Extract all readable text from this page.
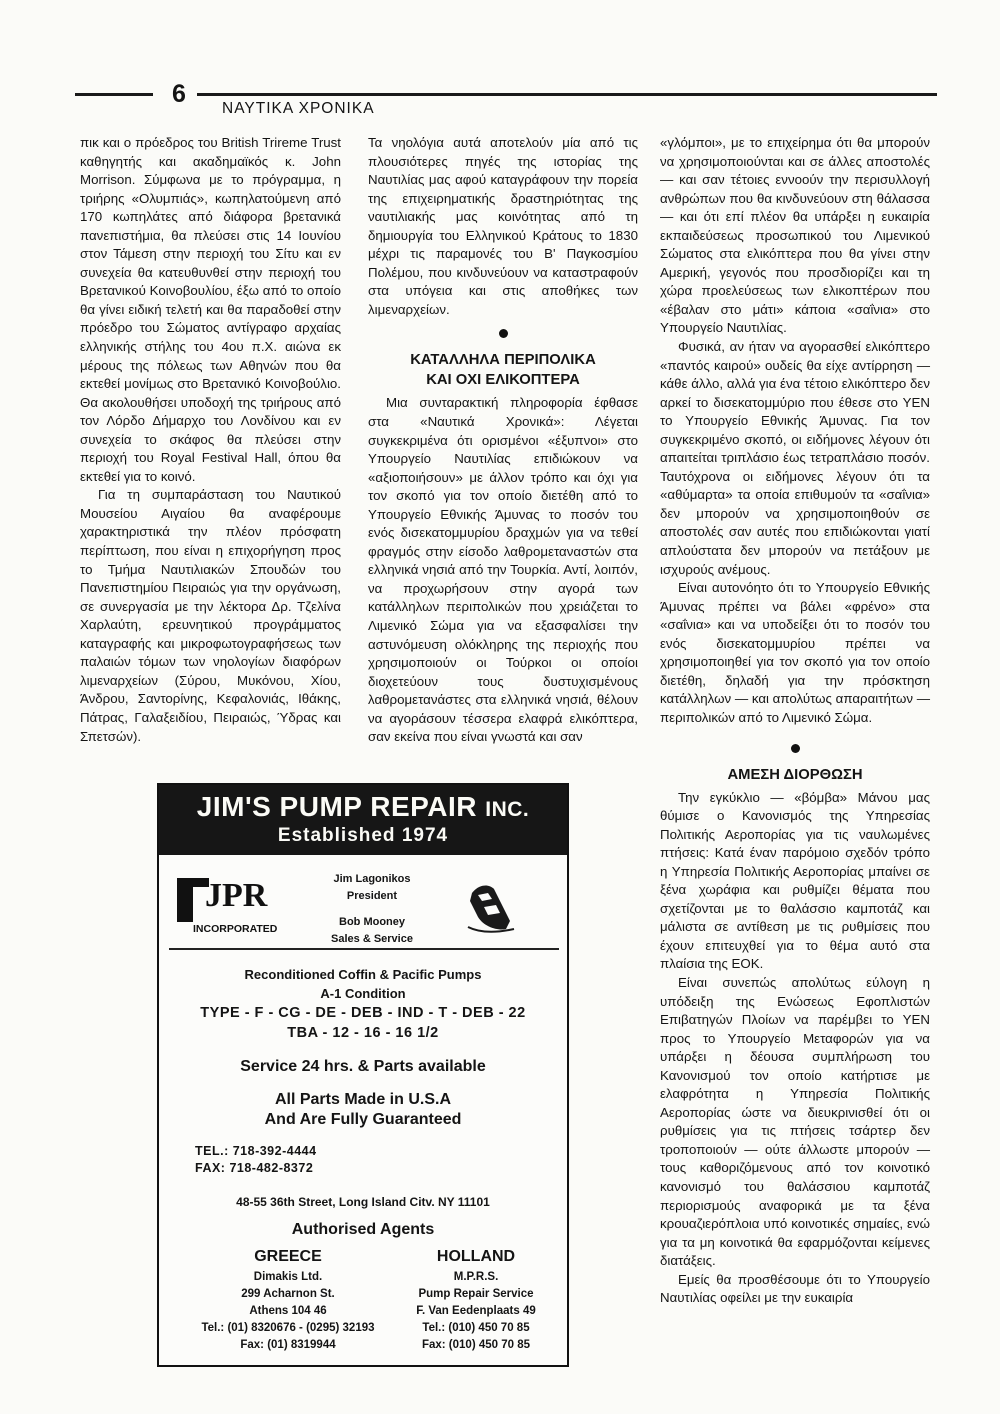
6
ΝΑΥΤΙΚΑ ΧΡΟΝΙΚΑ

πικ και ο πρόεδρος του British Trireme Trust καθηγητής και ακαδημαϊκός κ. John Morrison. Σύμφωνα με το πρόγραμμα, η τριήρης «Ολυμπιάς», κωπηλατούμενη από 170 κωπηλάτες από διάφορα βρετανικά πανεπιστήμια, θα πλεύσει στις 14 Ιουνίου στον Τάμεση στην περιοχή του Σίτυ και εν συνεχεία θα κατευθυνθεί στην περιοχή του Βρετανικού Κοινοβουλίου, έξω από το οποίο θα γίνει ειδική τελετή και θα παραδοθεί στην πρόεδρο του Σώματος αντίγραφο αρχαίας ελληνικής στήλης του 4ου π.Χ. αιώνα εκ μέρους της πόλεως των Αθηνών που θα εκτεθεί μονίμως στο Βρετανικό Κοινοβούλιο. Θα ακολουθήσει υποδοχή της τριήρους από τον Λόρδο Δήμαρχο του Λονδίνου και εν συνεχεία το σκάφος θα πλεύσει στην περιοχή του Royal Festival Hall, όπου θα εκτεθεί για το κοινό.

Για τη συμπαράσταση του Ναυτικού Μουσείου Αιγαίου θα αναφέρουμε χαρακτηριστικά την πλέον πρόσφατη περίπτωση, που είναι η επιχορήγηση προς το Τμήμα Ναυτιλιακών Σπουδών του Πανεπιστημίου Πειραιώς για την οργάνωση, σε συνεργασία με την λέκτορα Δρ. Τζελίνα Χαρλαύτη, ερευνητικού προγράμματος καταγραφής και μικροφωτογραφήσεως των παλαιών τόμων των νηολογίων διαφόρων λιμεναρχείων (Σύρου, Μυκόνου, Χίου, Άνδρου, Σαντορίνης, Κεφαλονιάς, Ιθάκης, Πάτρας, Γαλαξειδίου, Πειραιώς, Ύδρας και Σπετσών).

Τα νηολόγια αυτά αποτελούν μία από τις πλουσιότερες πηγές της ιστορίας της Ναυτιλίας μας αφού καταγράφουν την πορεία της επιχειρηματικής δραστηριότητας της ναυτιλιακής μας κοινότητας από τη δημιουργία του Ελληνικού Κράτους το 1830 μέχρι τις παραμονές του Β' Παγκοσμίου Πολέμου, που κινδυνεύουν να καταστραφούν στα υπόγεια και στις αποθήκες των λιμεναρχείων.

ΚΑΤΑΛΛΗΛΑ ΠΕΡΙΠΟΛΙΚΑ
ΚΑΙ ΟΧΙ ΕΛΙΚΟΠΤΕΡΑ

Μια συνταρακτική πληροφορία έφθασε στα «Ναυτικά Χρονικά»: Λέγεται συγκεκριμένα ότι ορισμένοι «έξυπνοι» στο Υπουργείο Ναυτιλίας επιδιώκουν να «αξιοποιήσουν» με άλλον τρόπο και όχι για τον σκοπό για τον οποίο διετέθη από το Υπουργείο Εθνικής Άμυνας το ποσόν του ενός δισεκατομμυρίου δραχμών για να τεθεί φραγμός στην είσοδο λαθρομεταναστών στα ελληνικά νησιά από την Τουρκία. Αντί, λοιπόν, να προχωρήσουν στην αγορά των κατάλληλων περιπολικών που χρειάζεται το Λιμενικό Σώμα για να εξασφαλίσει την αστυνόμευση ολόκληρης της περιοχής που χρησιμοποιούν οι Τούρκοι οι οποίοι διοχετεύουν τους δυστυχισμένους λαθρομετανάστες στα ελληνικά νησιά, θέλουν να αγοράσουν τέσσερα ελαφρά ελικόπτερα, σαν εκείνα που είναι γνωστά και σαν

«γλόμποι», με το επιχείρημα ότι θα μπορούν να χρησιμοποιούνται και σε άλλες αποστολές — και σαν τέτοιες εννοούν την περισυλλογή ανθρώπων που θα κινδυνεύουν στη θάλασσα — και ότι επί πλέον θα υπάρξει η ευκαιρία εκπαιδεύσεως προσωπικού του Λιμενικού Σώματος στα ελικόπτερα που θα γίνει στην Αμερική, γεγονός που προσδιορίζει και τη χώρα προελεύσεως των ελικοπτέρων που «έβαλαν στο μάτι» κάποια «σαΐνια» στο Υπουργείο Ναυτιλίας.

Φυσικά, αν ήταν να αγορασθεί ελικόπτερο «παντός καιρού» ουδείς θα είχε αντίρρηση — κάθε άλλο, αλλά για ένα τέτοιο ελικόπτερο δεν αρκεί το δισεκατομμύριο που έθεσε στο ΥΕΝ το Υπουργείο Εθνικής Άμυνας. Για τον συγκεκριμένο σκοπό, οι ειδήμονες λέγουν ότι απαιτείται τριπλάσιο έως τετραπλάσιο ποσόν. Ταυτόχρονα οι ειδήμονες λέγουν ότι τα «αθύμαρτα» τα οποία επιθυμούν τα «σαΐνια» δεν μπορούν να χρησιμοποιηθούν σε αποστολές σαν αυτές που επιδιώκονται γιατί απλούστατα δεν μπορούν να πετάξουν με ισχυρούς ανέμους.

Είναι αυτονόητο ότι το Υπουργείο Εθνικής Άμυνας πρέπει να βάλει «φρένο» στα «σαΐνια» και να υποδείξει ότι το ποσόν του ενός δισεκατομμυρίου πρέπει να χρησιμοποιηθεί για τον σκοπό για τον οποίο διετέθη, δηλαδή για την πρόσκτηση κατάλληλων — και απολύτως απαραιτήτων — περιπολικών από το Λιμενικό Σώμα.

ΑΜΕΣΗ ΔΙΟΡΘΩΣΗ

Την εγκύκλιο — «βόμβα» Μάνου μας θύμισε ο Κανονισμός της Υπηρεσίας Πολιτικής Αεροπορίας για τις ναυλωμένες πτήσεις: Κατά έναν παρόμοιο σχεδόν τρόπο η Υπηρεσία Πολιτικής Αεροπορίας μπαίνει σε ξένα χωράφια και ρυθμίζει θέματα που σχετίζονται με το θαλάσσιο καμποτάζ και μάλιστα σε αντίθεση με τις ρυθμίσεις που έχουν επιτευχθεί για το θέμα αυτό στα πλαίσια της ΕΟΚ.

Είναι συνεπώς απολύτως εύλογη η υπόδειξη της Ενώσεως Εφοπλιστών Επιβατηγών Πλοίων να παρέμβει το ΥΕΝ προς το Υπουργείο Μεταφορών για να υπάρξει η δέουσα συμπλήρωση του Κανονισμού τον οποίο κατήρτισε με ελαφρότητα η Υπηρεσία Πολιτικής Αεροπορίας ώστε να διευκρινισθεί ότι οι ρυθμίσεις για τις πτήσεις τσάρτερ δεν τροποποιούν — ούτε άλλωστε μπορούν — τους καθοριζόμενους από τον κοινοτικό κανονισμό του θαλάσσιου καμποτάζ περιορισμούς αναφορικά με τα ξένα κρουαζιερόπλοια υπό κοινοτικές σημαίες, ενώ για τα μη κοινοτικά θα εφαρμόζονται κείμενες διατάξεις.

Εμείς θα προσθέσουμε ότι το Υπουργείο Ναυτιλίας οφείλει με την ευκαιρία

JIM'S PUMP REPAIR INC.
Established 1974
JPR
INCORPORATED
Jim Lagonikos
President
Bob Mooney
Sales & Service
Reconditioned Coffin & Pacific Pumps
A-1 Condition
TYPE - F - CG - DE - DEB - IND - T - DEB - 22
TBA - 12 - 16 - 16 1/2
Service 24 hrs. & Parts available
All Parts Made in U.S.A
And Are Fully Guaranteed
TEL.: 718-392-4444
FAX: 718-482-8372
48-55 36th Street, Long Island Citv. NY 11101
Authorised Agents
GREECE
Dimakis Ltd.
299 Acharnon St.
Athens 104 46
Tel.: (01) 8320676 - (0295) 32193
Fax: (01) 8319944
HOLLAND
M.P.R.S.
Pump Repair Service
F. Van Eedenplaats 49
Tel.: (010) 450 70 85
Fax: (010) 450 70 85
